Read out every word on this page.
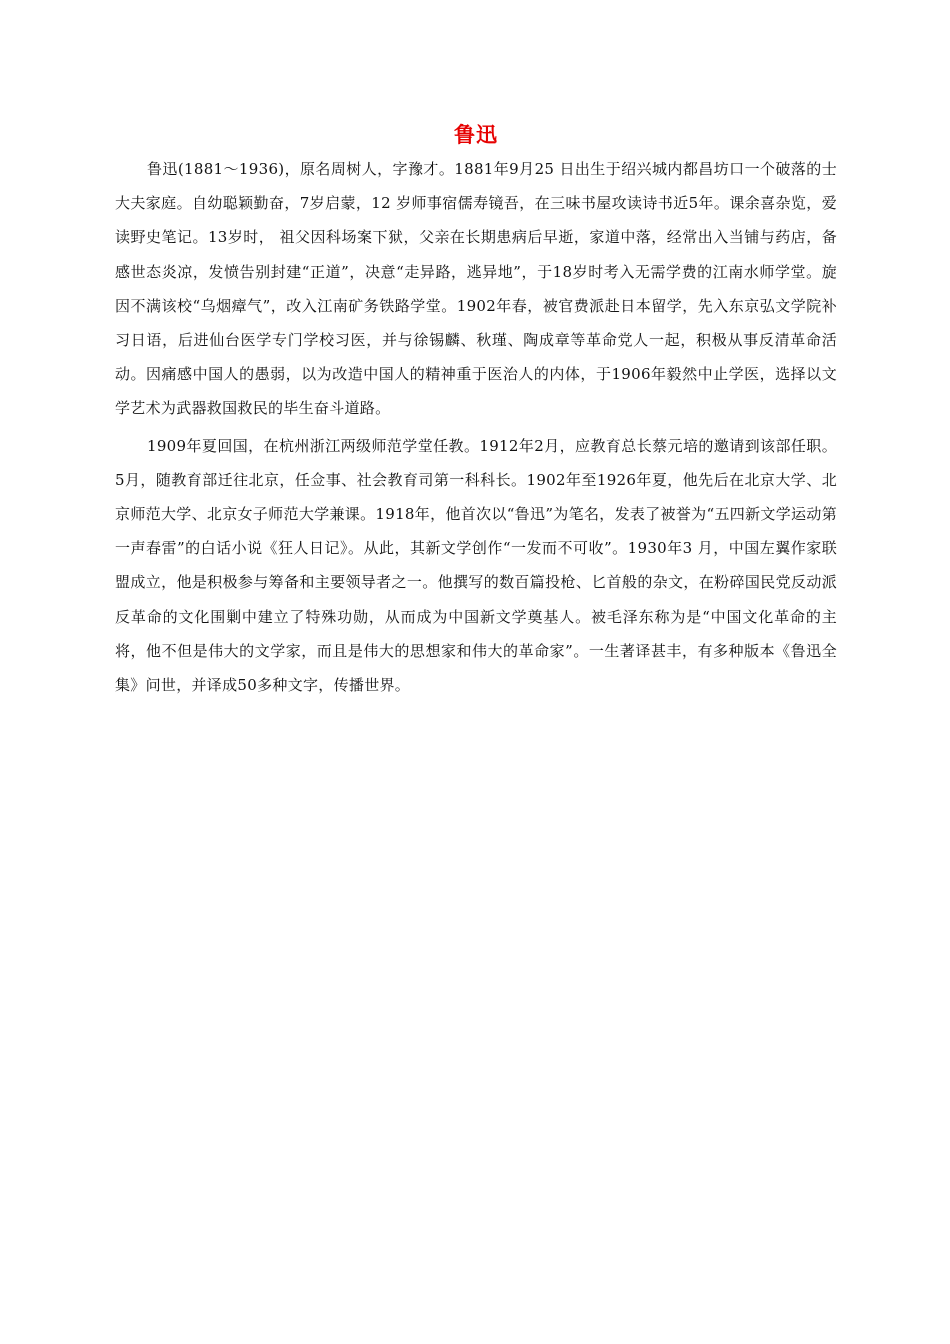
鲁迅

鲁迅(1881～1936)，原名周树人，字豫才。1881年9月25 日出生于绍兴城内都昌坊口一个破落的士大夫家庭。自幼聪颖勤奋，7岁启蒙，12 岁师事宿儒寿镜吾，在三味书屋攻读诗书近5年。课余喜杂览，爱读野史笔记。13岁时， 祖父因科场案下狱，父亲在长期患病后早逝，家道中落，经常出入当铺与药店，备感世态炎凉，发愤告别封建“正道”，决意“走异路，逃异地”，于18岁时考入无需学费的江南水师学堂。旋因不满该校“乌烟瘴气”，改入江南矿务铁路学堂。1902年春，被官费派赴日本留学，先入东京弘文学院补习日语，后进仙台医学专门学校习医，并与徐锡麟、秋瑾、陶成章等革命党人一起，积极从事反清革命活动。因痛感中国人的愚弱，以为改造中国人的精神重于医治人的内体，于1906年毅然中止学医，选择以文学艺术为武器救国救民的毕生奋斗道路。

1909年夏回国，在杭州浙江两级师范学堂任教。1912年2月，应教育总长蔡元培的邀请到该部任职。5月，随教育部迁往北京，任佥事、社会教育司第一科科长。1902年至1926年夏，他先后在北京大学、北京师范大学、北京女子师范大学兼课。1918年，他首次以“鲁迅”为笔名，发表了被誉为“五四新文学运动第一声春雷”的白话小说《狂人日记》。从此，其新文学创作“一发而不可收”。1930年3 月，中国左翼作家联盟成立，他是积极参与筹备和主要领导者之一。他撰写的数百篇投枪、匕首般的杂文，在粉碎国民党反动派反革命的文化围剿中建立了特殊功勋，从而成为中国新文学奠基人。被毛泽东称为是“中国文化革命的主将，他不但是伟大的文学家，而且是伟大的思想家和伟大的革命家”。一生著译甚丰，有多种版本《鲁迅全集》问世，并译成50多种文字，传播世界。
